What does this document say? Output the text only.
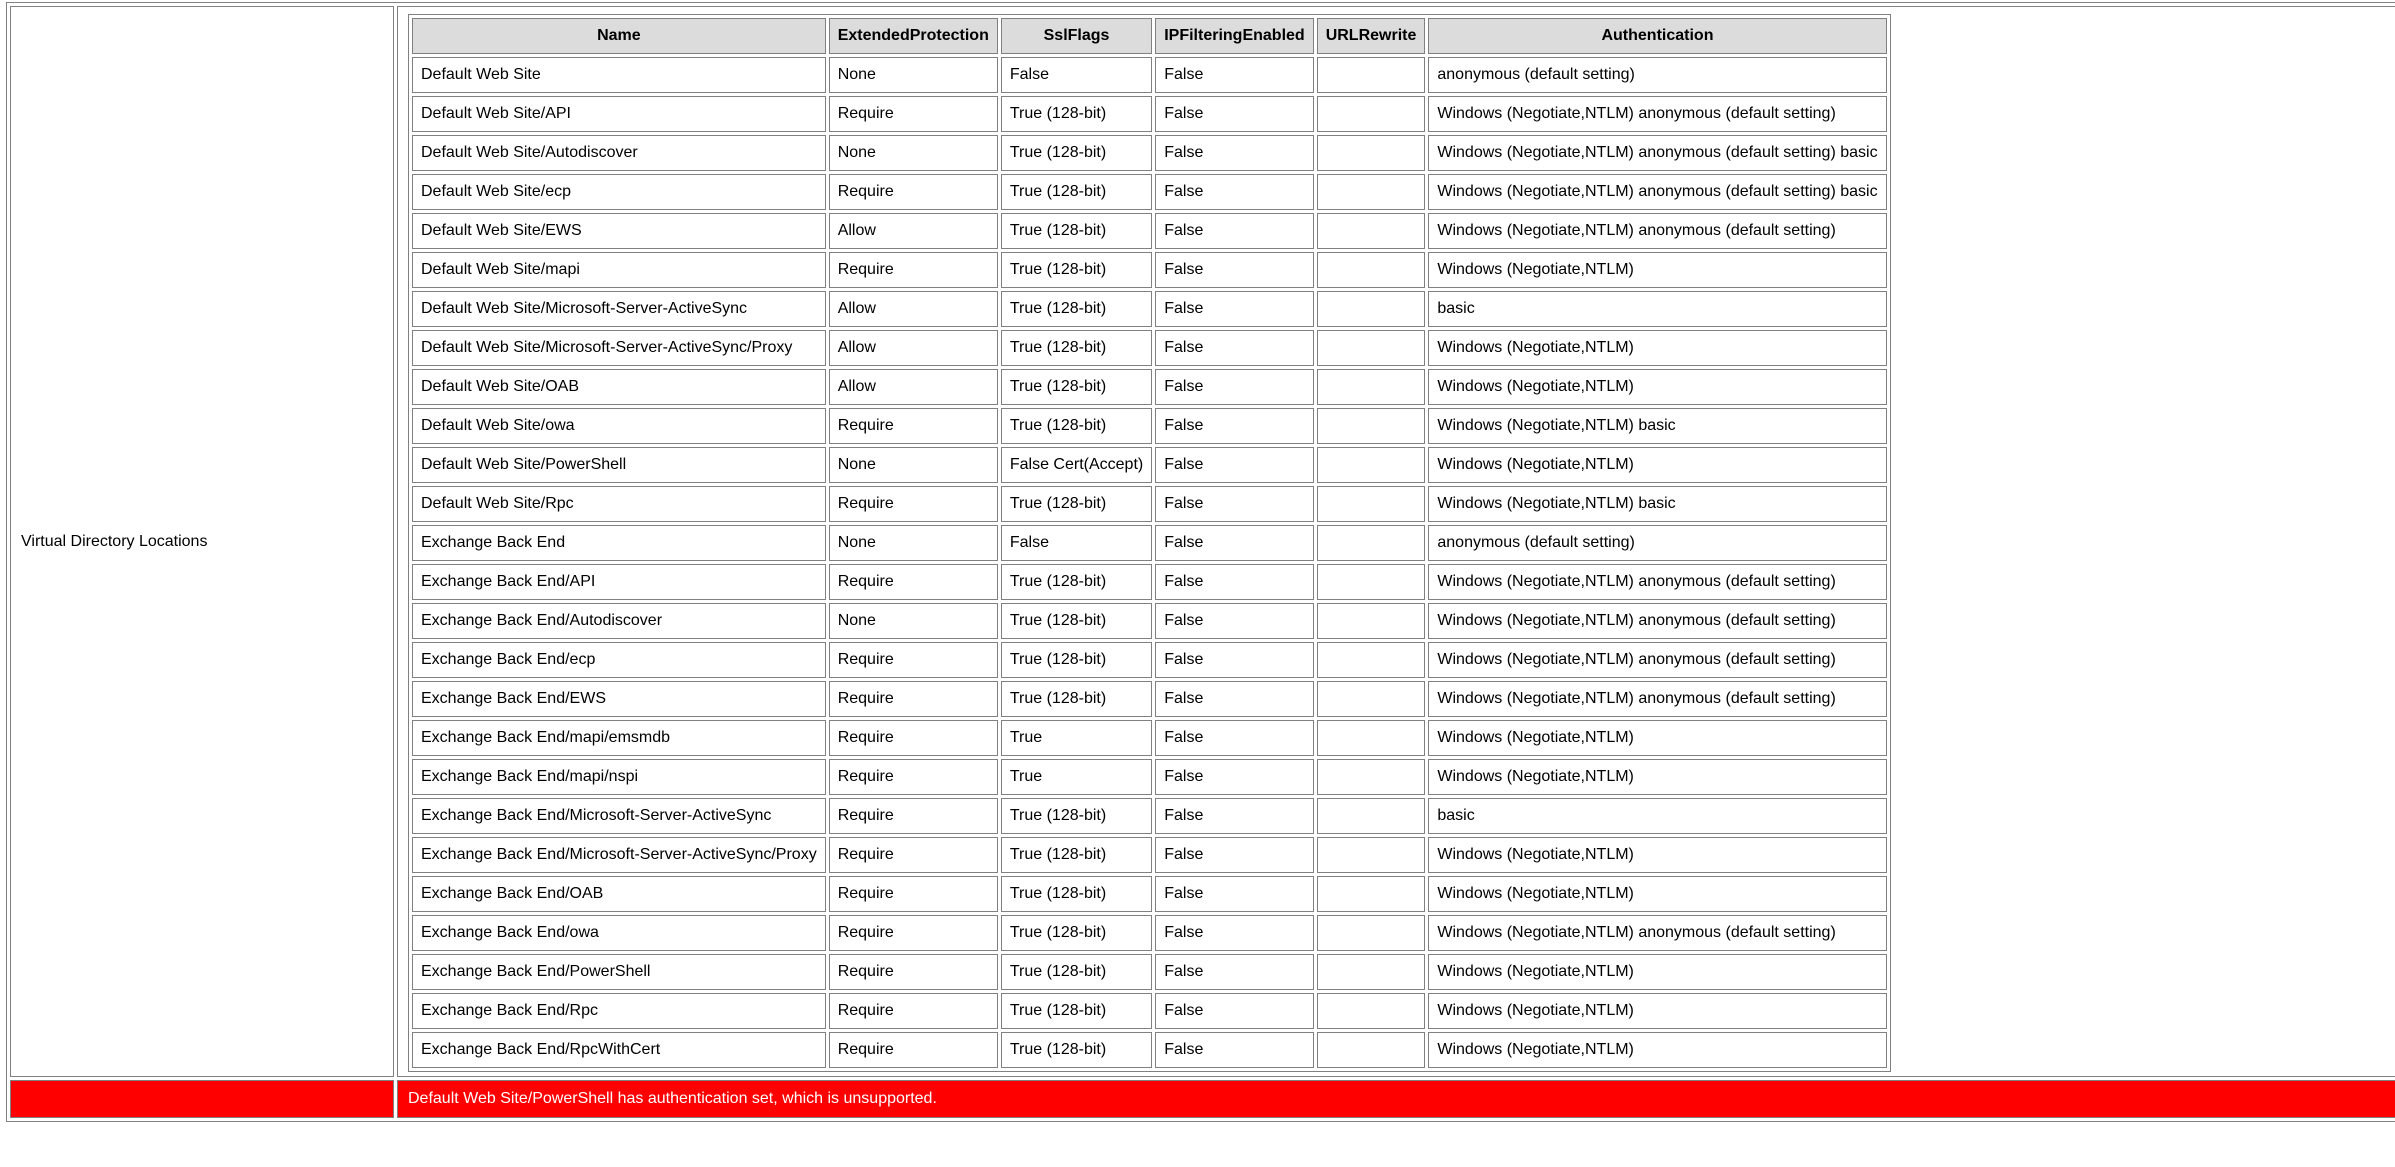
Virtual Directory Locations	
Name	ExtendedProtection	SslFlags	IPFilteringEnabled	URLRewrite	Authentication
Default Web Site	None	False	False		anonymous (default setting)
Default Web Site/API	Require	True (128-bit)	False		Windows (Negotiate,NTLM) anonymous (default setting)
Default Web Site/Autodiscover	None	True (128-bit)	False		Windows (Negotiate,NTLM) anonymous (default setting) basic
Default Web Site/ecp	Require	True (128-bit)	False		Windows (Negotiate,NTLM) anonymous (default setting) basic
Default Web Site/EWS	Allow	True (128-bit)	False		Windows (Negotiate,NTLM) anonymous (default setting)
Default Web Site/mapi	Require	True (128-bit)	False		Windows (Negotiate,NTLM)
Default Web Site/Microsoft-Server-ActiveSync	Allow	True (128-bit)	False		basic
Default Web Site/Microsoft-Server-ActiveSync/Proxy	Allow	True (128-bit)	False		Windows (Negotiate,NTLM)
Default Web Site/OAB	Allow	True (128-bit)	False		Windows (Negotiate,NTLM)
Default Web Site/owa	Require	True (128-bit)	False		Windows (Negotiate,NTLM) basic
Default Web Site/PowerShell	None	False Cert(Accept)	False		Windows (Negotiate,NTLM)
Default Web Site/Rpc	Require	True (128-bit)	False		Windows (Negotiate,NTLM) basic
Exchange Back End	None	False	False		anonymous (default setting)
Exchange Back End/API	Require	True (128-bit)	False		Windows (Negotiate,NTLM) anonymous (default setting)
Exchange Back End/Autodiscover	None	True (128-bit)	False		Windows (Negotiate,NTLM) anonymous (default setting)
Exchange Back End/ecp	Require	True (128-bit)	False		Windows (Negotiate,NTLM) anonymous (default setting)
Exchange Back End/EWS	Require	True (128-bit)	False		Windows (Negotiate,NTLM) anonymous (default setting)
Exchange Back End/mapi/emsmdb	Require	True	False		Windows (Negotiate,NTLM)
Exchange Back End/mapi/nspi	Require	True	False		Windows (Negotiate,NTLM)
Exchange Back End/Microsoft-Server-ActiveSync	Require	True (128-bit)	False		basic
Exchange Back End/Microsoft-Server-ActiveSync/Proxy	Require	True (128-bit)	False		Windows (Negotiate,NTLM)
Exchange Back End/OAB	Require	True (128-bit)	False		Windows (Negotiate,NTLM)
Exchange Back End/owa	Require	True (128-bit)	False		Windows (Negotiate,NTLM) anonymous (default setting)
Exchange Back End/PowerShell	Require	True (128-bit)	False		Windows (Negotiate,NTLM)
Exchange Back End/Rpc	Require	True (128-bit)	False		Windows (Negotiate,NTLM)
Exchange Back End/RpcWithCert	Require	True (128-bit)	False		Windows (Negotiate,NTLM)

	Default Web Site/PowerShell has authentication set, which is unsupported.
